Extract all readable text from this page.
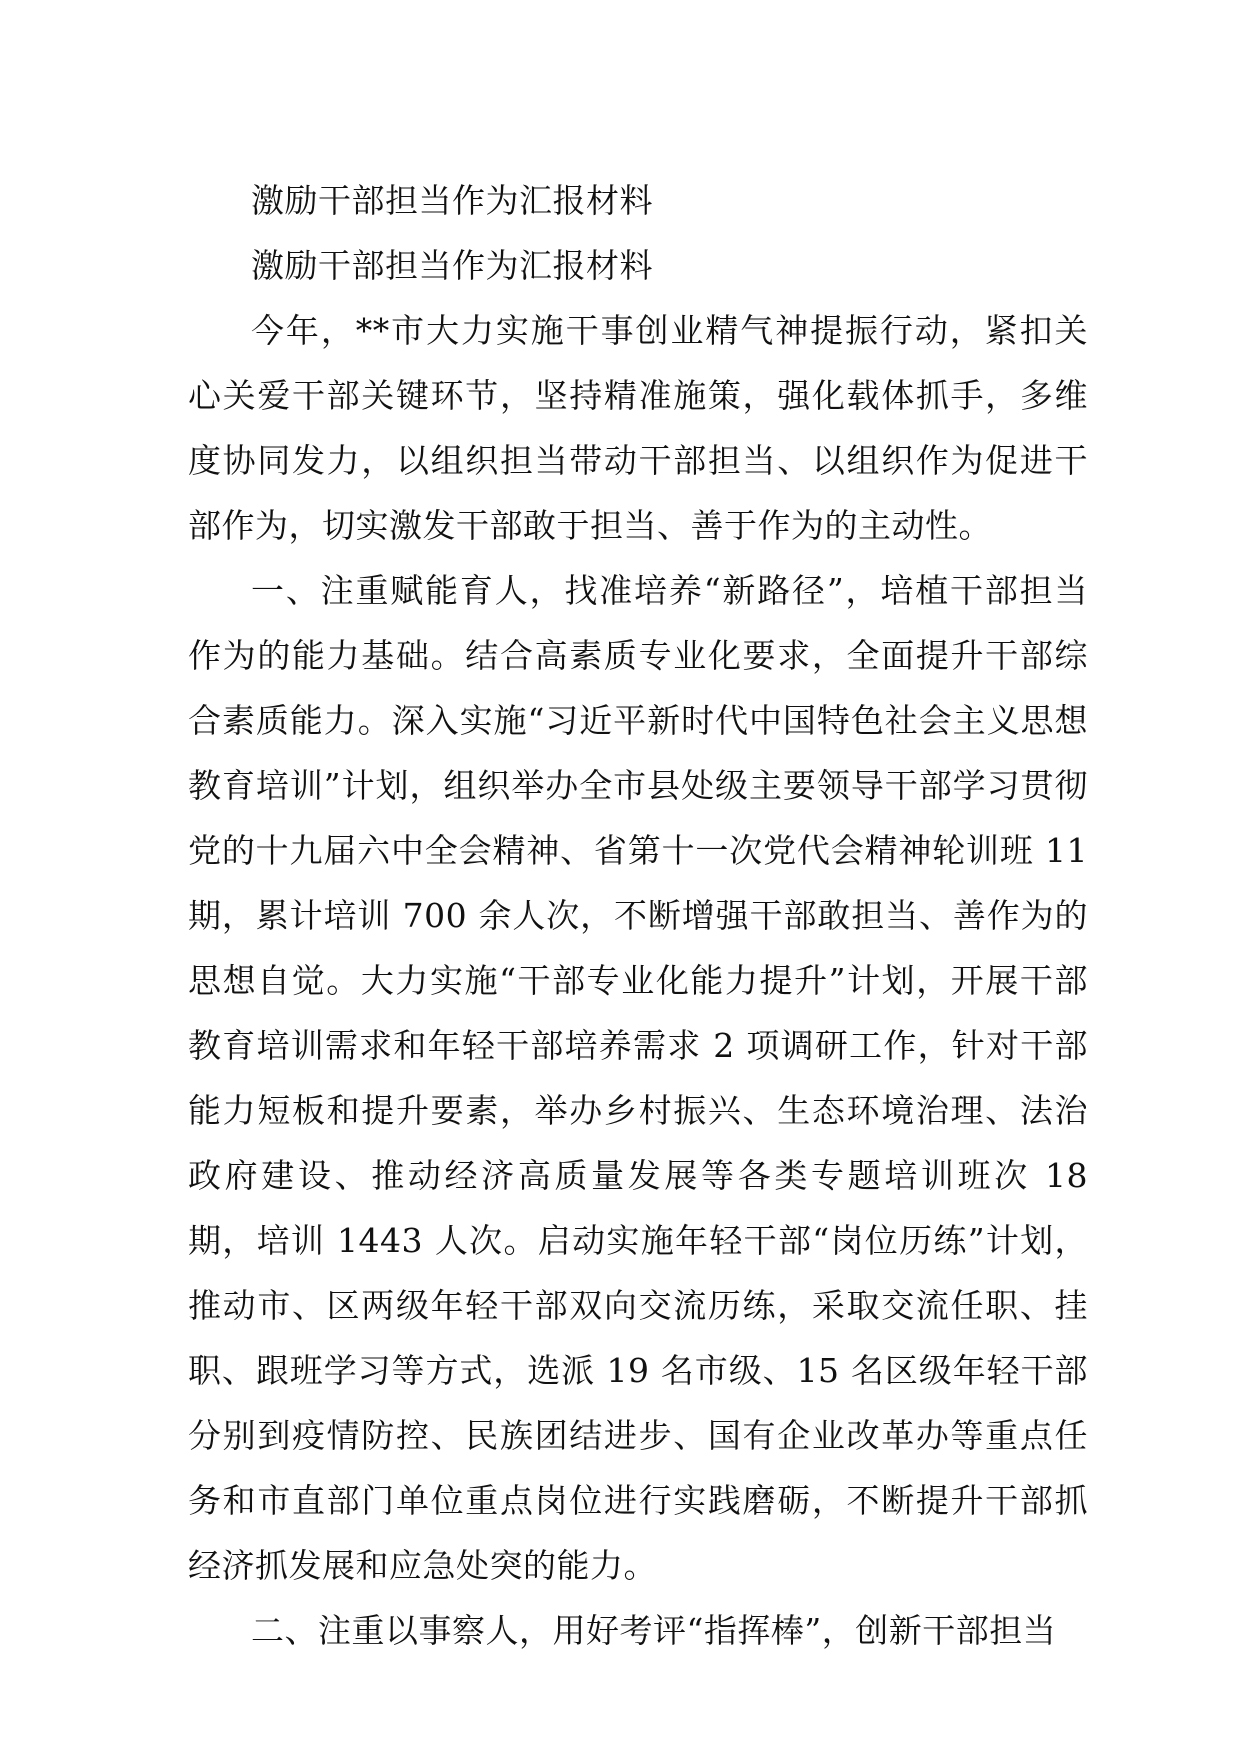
激励干部担当作为汇报材料

激励干部担当作为汇报材料

今年，**市大力实施干事创业精气神提振行动，紧扣关心关爱干部关键环节，坚持精准施策，强化载体抓手，多维度协同发力，以组织担当带动干部担当、以组织作为促进干部作为，切实激发干部敢于担当、善于作为的主动性。

一、注重赋能育人，找准培养“新路径”，培植干部担当作为的能力基础。结合高素质专业化要求，全面提升干部综合素质能力。深入实施“习近平新时代中国特色社会主义思想教育培训”计划，组织举办全市县处级主要领导干部学习贯彻党的十九届六中全会精神、省第十一次党代会精神轮训班 11 期，累计培训 700 余人次，不断增强干部敢担当、善作为的思想自觉。大力实施“干部专业化能力提升”计划，开展干部教育培训需求和年轻干部培养需求 2 项调研工作，针对干部能力短板和提升要素，举办乡村振兴、生态环境治理、法治政府建设、推动经济高质量发展等各类专题培训班次 18 期，培训 1443 人次。启动实施年轻干部“岗位历练”计划，推动市、区两级年轻干部双向交流历练，采取交流任职、挂职、跟班学习等方式，选派 19 名市级、15 名区级年轻干部分别到疫情防控、民族团结进步、国有企业改革办等重点任务和市直部门单位重点岗位进行实践磨砺，不断提升干部抓经济抓发展和应急处突的能力。

二、注重以事察人，用好考评“指挥棒”，创新干部担当
